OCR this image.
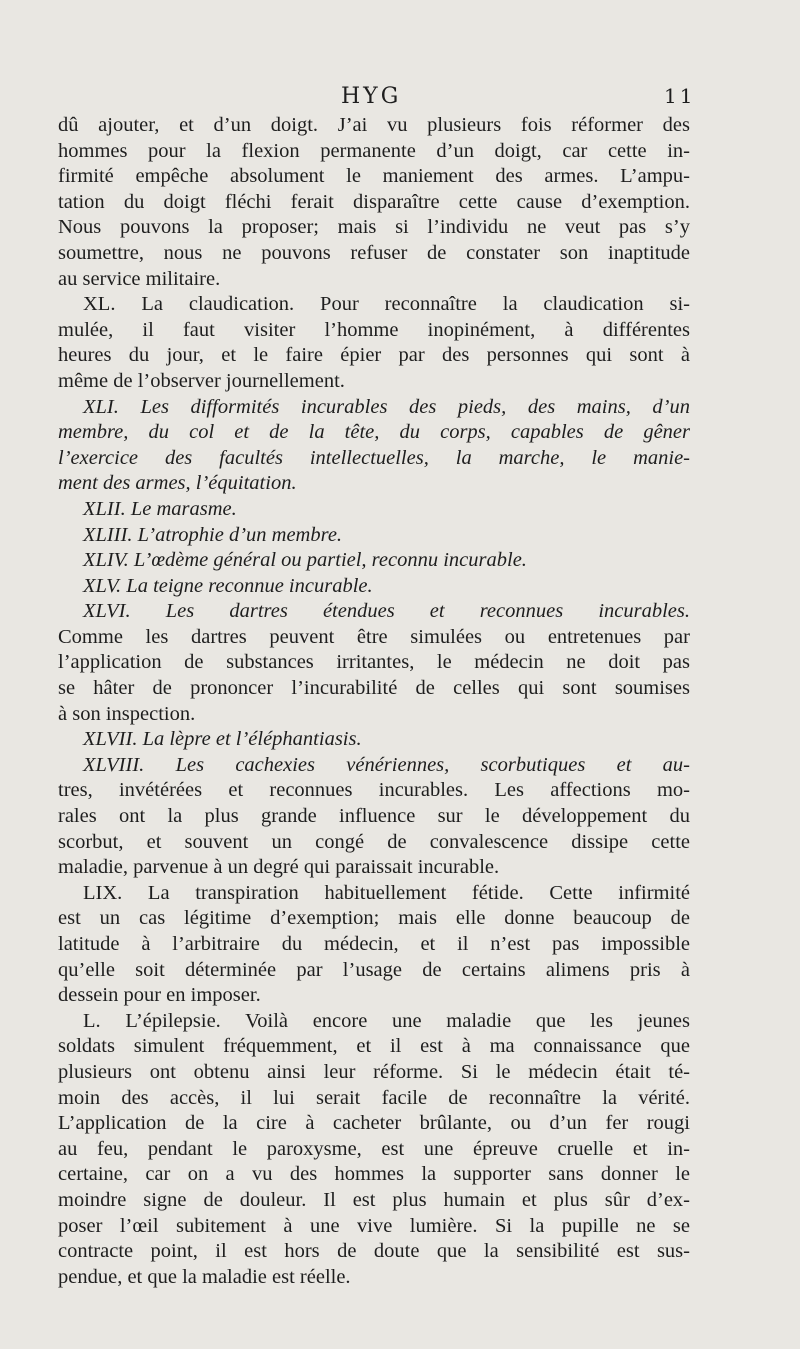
HYG	11
dû ajouter, et d’un doigt. J’ai vu plusieurs fois réformer des
hommes pour la flexion permanente d’un doigt, car cette in-
firmité empêche absolument le maniement des armes. L’ampu-
tation du doigt fléchi ferait disparaître cette cause d’exemption.
Nous pouvons la proposer; mais si l’individu ne veut pas s’y
soumettre, nous ne pouvons refuser de constater son inaptitude
au service militaire.
XL. La claudication. Pour reconnaître la claudication si-
mulée, il faut visiter l’homme inopinément, à différentes
heures du jour, et le faire épier par des personnes qui sont à
même de l’observer journellement.
XLI. Les difformités incurables des pieds, des mains, d’un
membre, du col et de la tête, du corps, capables de gêner
l’exercice des facultés intellectuelles, la marche, le manie-
ment des armes, l’équitation.
XLII. Le marasme.
XLIII. L’atrophie d’un membre.
XLIV. L’œdème général ou partiel, reconnu incurable.
XLV. La teigne reconnue incurable.
XLVI. Les dartres étendues et reconnues incurables.
Comme les dartres peuvent être simulées ou entretenues par
l’application de substances irritantes, le médecin ne doit pas
se hâter de prononcer l’incurabilité de celles qui sont soumises
à son inspection.
XLVII. La lèpre et l’éléphantiasis.
XLVIII. Les cachexies vénériennes, scorbutiques et au-
tres, invétérées et reconnues incurables. Les affections mo-
rales ont la plus grande influence sur le développement du
scorbut, et souvent un congé de convalescence dissipe cette
maladie, parvenue à un degré qui paraissait incurable.
LIX. La transpiration habituellement fétide. Cette infirmité
est un cas légitime d’exemption; mais elle donne beaucoup de
latitude à l’arbitraire du médecin, et il n’est pas impossible
qu’elle soit déterminée par l’usage de certains alimens pris à
dessein pour en imposer.
L. L’épilepsie. Voilà encore une maladie que les jeunes
soldats simulent fréquemment, et il est à ma connaissance que
plusieurs ont obtenu ainsi leur réforme. Si le médecin était té-
moin des accès, il lui serait facile de reconnaître la vérité.
L’application de la cire à cacheter brûlante, ou d’un fer rougi
au feu, pendant le paroxysme, est une épreuve cruelle et in-
certaine, car on a vu des hommes la supporter sans donner le
moindre signe de douleur. Il est plus humain et plus sûr d’ex-
poser l’œil subitement à une vive lumière. Si la pupille ne se
contracte point, il est hors de doute que la sensibilité est sus-
pendue, et que la maladie est réelle.
